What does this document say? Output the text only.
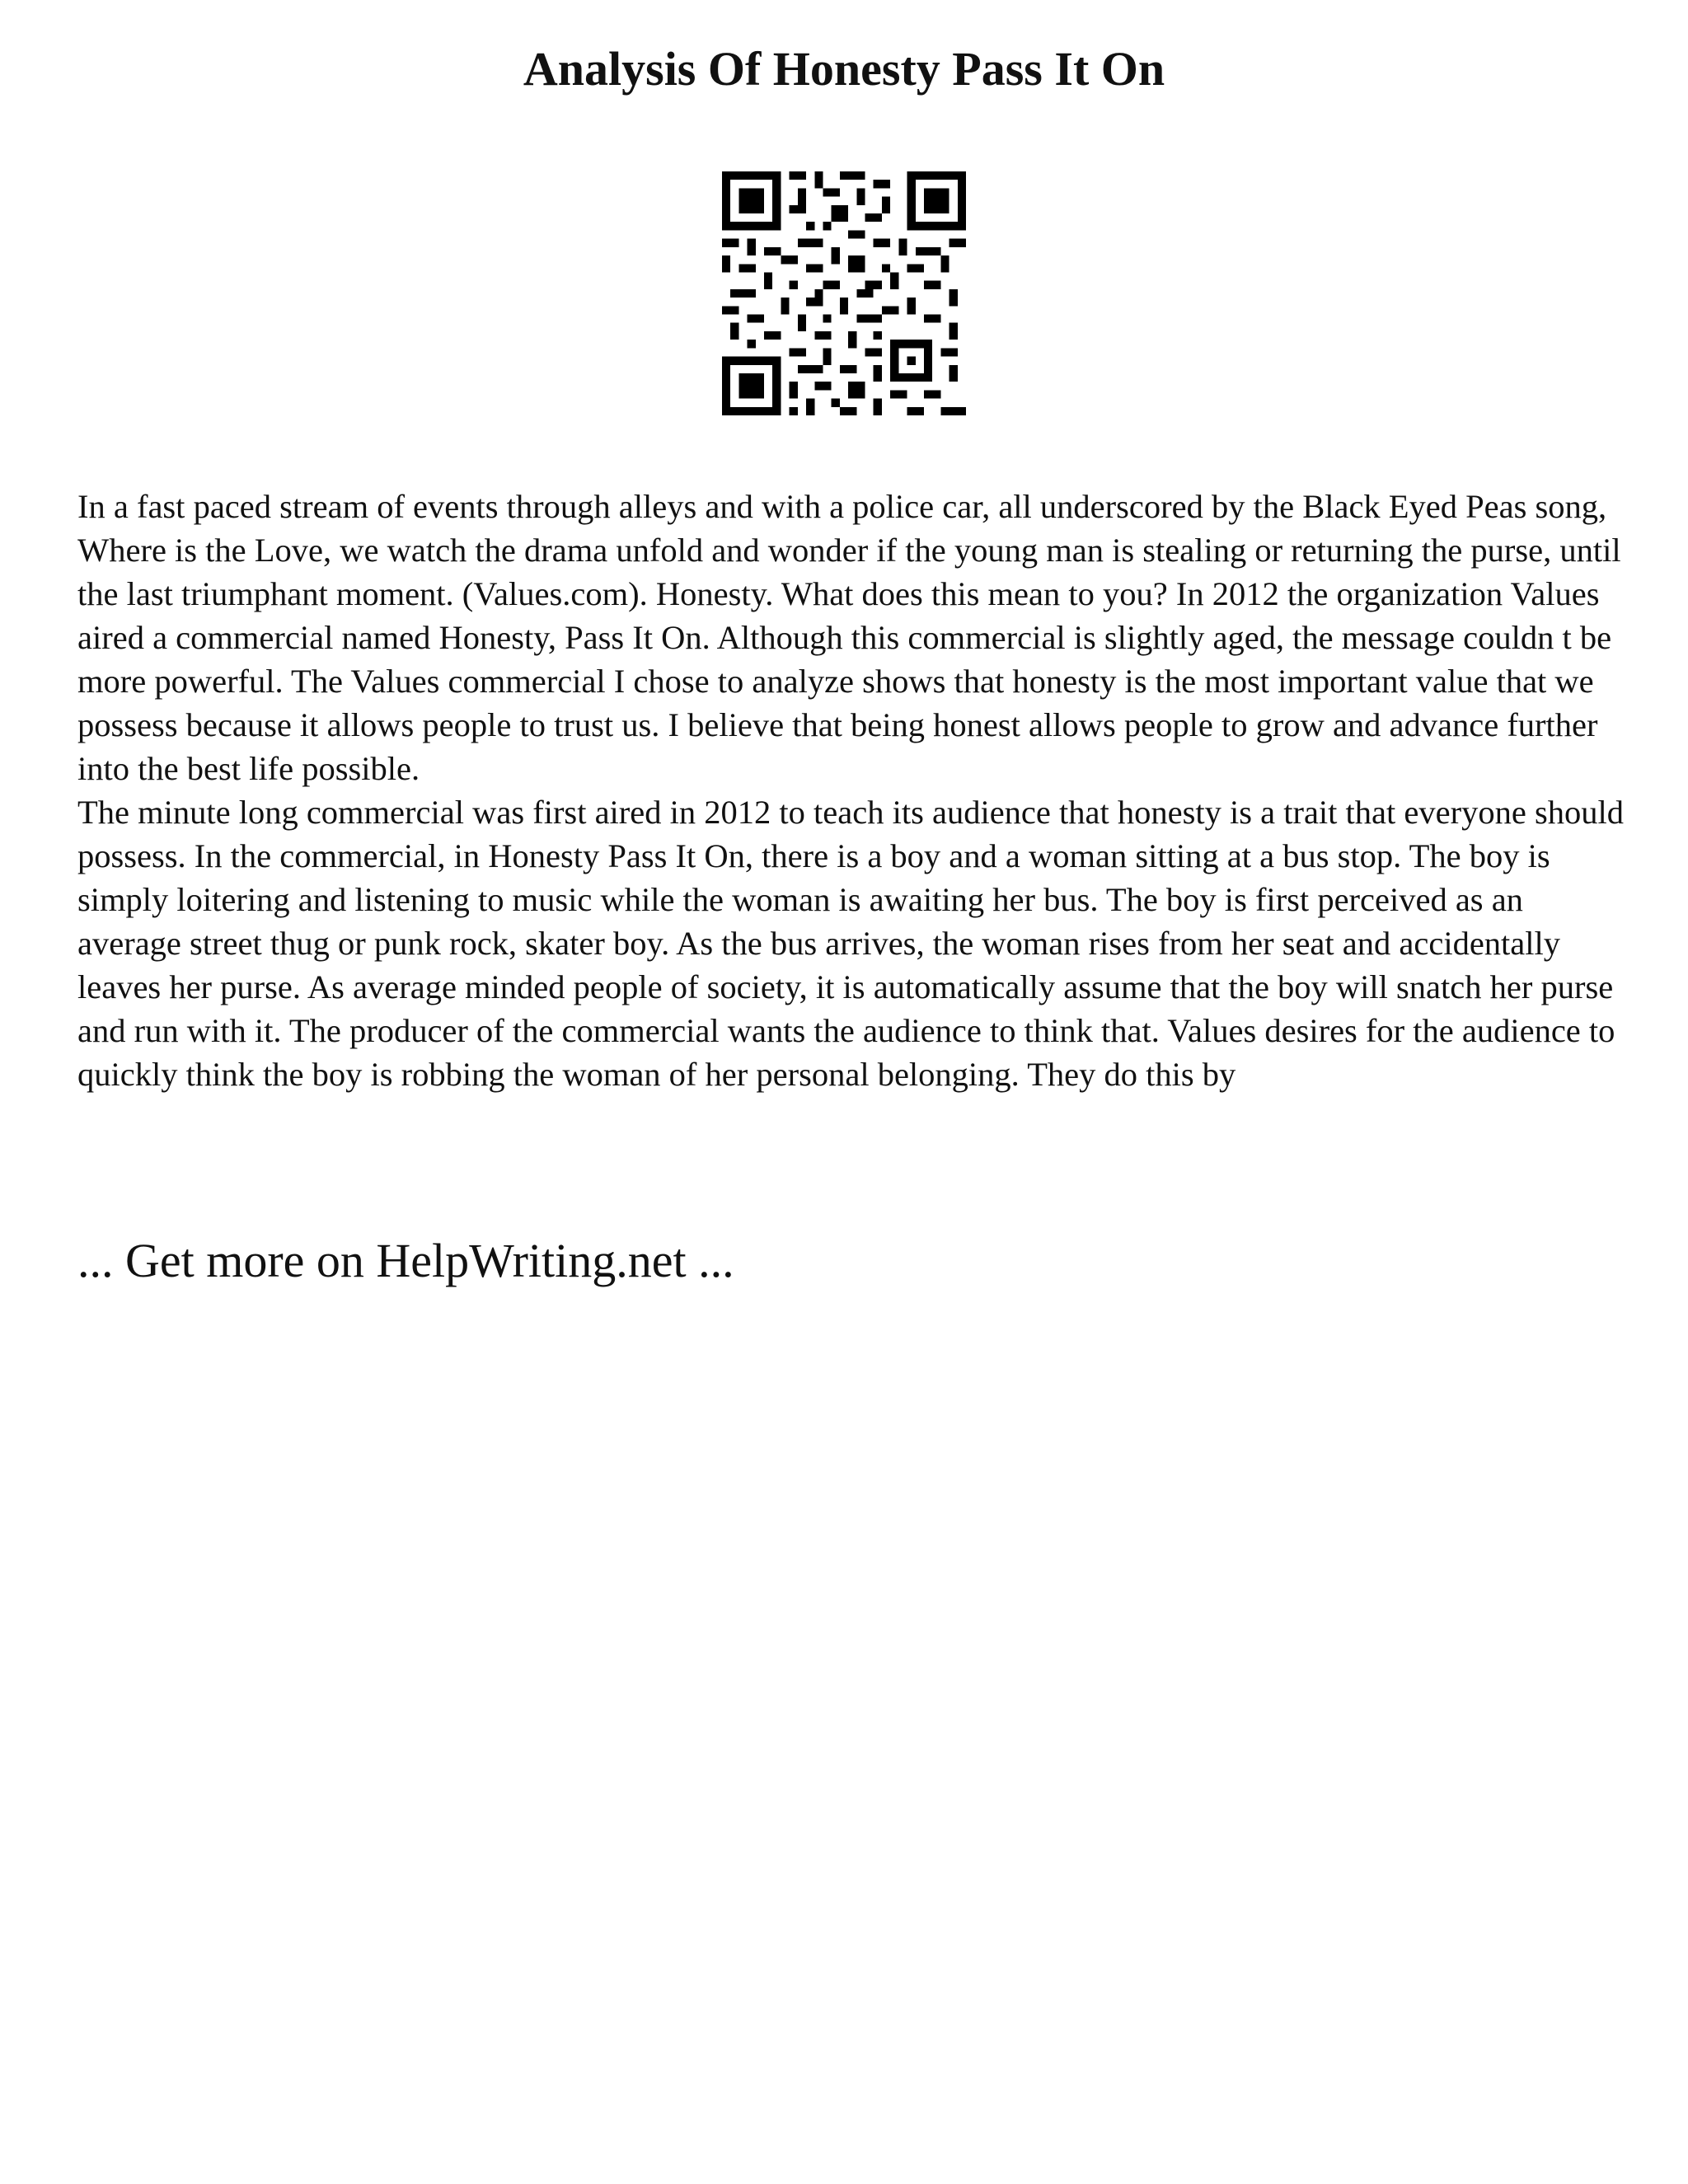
Analysis Of Honesty Pass It On

In a fast paced stream of events through alleys and with a police car, all underscored by the Black Eyed Peas song, Where is the Love, we watch the drama unfold and wonder if the young man is stealing or returning the purse, until the last triumphant moment. (Values.com). Honesty. What does this mean to you? In 2012 the organization Values aired a commercial named Honesty, Pass It On. Although this commercial is slightly aged, the message couldn t be more powerful. The Values commercial I chose to analyze shows that honesty is the most important value that we possess because it allows people to trust us. I believe that being honest allows people to grow and advance further into the best life possible.

The minute long commercial was first aired in 2012 to teach its audience that honesty is a trait that everyone should possess. In the commercial, in Honesty Pass It On, there is a boy and a woman sitting at a bus stop. The boy is simply loitering and listening to music while the woman is awaiting her bus. The boy is first perceived as an average street thug or punk rock, skater boy. As the bus arrives, the woman rises from her seat and accidentally leaves her purse. As average minded people of society, it is automatically assume that the boy will snatch her purse and run with it. The producer of the commercial wants the audience to think that. Values desires for the audience to quickly think the boy is robbing the woman of her personal belonging. They do this by

... Get more on HelpWriting.net ...
